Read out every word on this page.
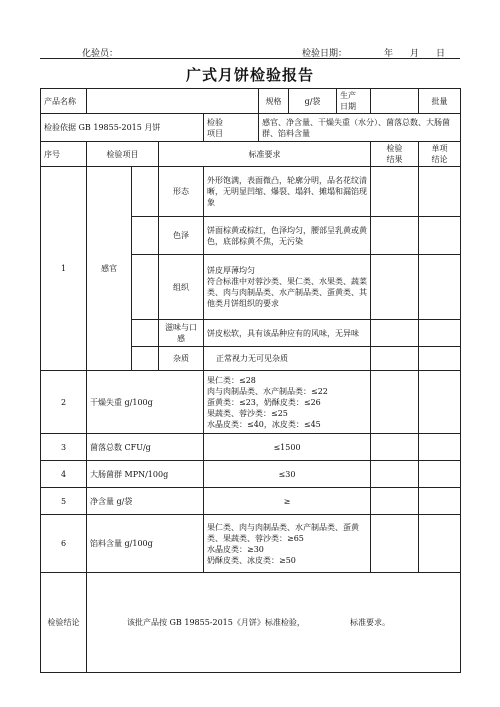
化验员：	检验日期：	年 月 日
广式月饼检验报告
产品名称					规格	g/袋	生产
日期		批量
检验依据 GB 19855-2015 月饼				检验
项目	感官、净含量、干燥失重（水分）、菌落总数、大肠菌群、馅料含量				
序号	检验项目		标准要求					检验
结果	单项
结论
1	感官		形态	外形饱满，表面微凸，轮廓分明，品名花纹清晰，无明显凹缩、爆裂、塌斜、摊塌和漏馅现象					
			色泽	饼面棕黄或棕红，色泽均匀，腰部呈乳黄或黄色，底部棕黄不焦，无污染					
			组织	饼皮厚薄均匀
符合标准中对蓉沙类、果仁类、水果类、蔬菜类、肉与肉制品类、水产制品类、蛋黄类、其他类月饼组织的要求					
			滋味与口感	饼皮松软，具有该品种应有的风味，无异味					
			杂质	正常视力无可见杂质					
2	干燥失重 g/100g			果仁类：≤28
肉与肉制品类、水产制品类：≤22
蛋黄类：≤23，奶酥皮类：≤26
果蔬类、蓉沙类：≤25
水晶皮类：≤40，冰皮类：≤45					
3	菌落总数 CFU/g			≤1500					
4	大肠菌群 MPN/100g			≤30					
5	净含量 g/袋			≥					
6	馅料含量 g/100g			果仁类、肉与肉制品类、水产制品类、蛋黄类、果蔬类、蓉沙类：≥65
水晶皮类：≥30
奶酥皮类、冰皮类：≥50					
检验结论	该批产品按 GB 19855-2015《月饼》标准检验， 标准要求。								
